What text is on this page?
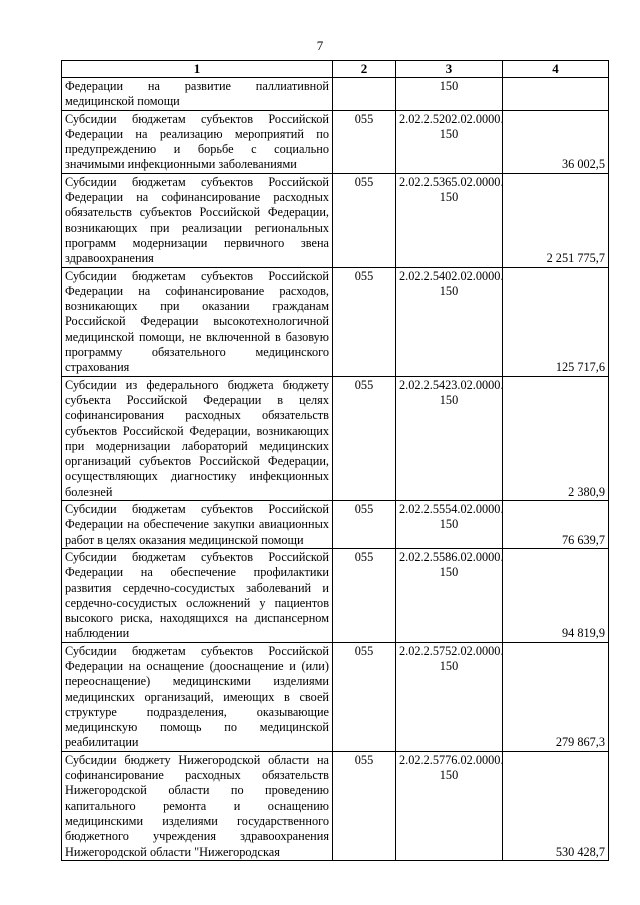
7
1	2	3	4
Федерации на развитие паллиативной медицинской помощи		150	
Субсидии бюджетам субъектов Российской Федерации на реализацию мероприятий по предупреждению и борьбе с социально значимыми инфекционными заболеваниями	055	2.02.2.5202.02.0000. 150	36 002,5
Субсидии бюджетам субъектов Российской Федерации на софинансирование расходных обязательств субъектов Российской Федерации, возникающих при реализации региональных программ модернизации первичного звена здравоохранения	055	2.02.2.5365.02.0000. 150	2 251 775,7
Субсидии бюджетам субъектов Российской Федерации на софинансирование расходов, возникающих при оказании гражданам Российской Федерации высокотехнологичной медицинской помощи, не включенной в базовую программу обязательного медицинского страхования	055	2.02.2.5402.02.0000. 150	125 717,6
Субсидии из федерального бюджета бюджету субъекта Российской Федерации в целях софинансирования расходных обязательств субъектов Российской Федерации, возникающих при модернизации лабораторий медицинских организаций субъектов Российской Федерации, осуществляющих диагностику инфекционных болезней	055	2.02.2.5423.02.0000. 150	2 380,9
Субсидии бюджетам субъектов Российской Федерации на обеспечение закупки авиационных работ в целях оказания медицинской помощи	055	2.02.2.5554.02.0000. 150	76 639,7
Субсидии бюджетам субъектов Российской Федерации на обеспечение профилактики развития сердечно-сосудистых заболеваний и сердечно-сосудистых осложнений у пациентов высокого риска, находящихся на диспансерном наблюдении	055	2.02.2.5586.02.0000. 150	94 819,9
Субсидии бюджетам субъектов Российской Федерации на оснащение (дооснащение и (или) переоснащение) медицинскими изделиями медицинских организаций, имеющих в своей структуре подразделения, оказывающие медицинскую помощь по медицинской реабилитации	055	2.02.2.5752.02.0000. 150	279 867,3
Субсидии бюджету Нижегородской области на софинансирование расходных обязательств Нижегородской области по проведению капитального ремонта и оснащению медицинскими изделиями государственного бюджетного учреждения здравоохранения Нижегородской области "Нижегородская	055	2.02.2.5776.02.0000. 150	530 428,7
